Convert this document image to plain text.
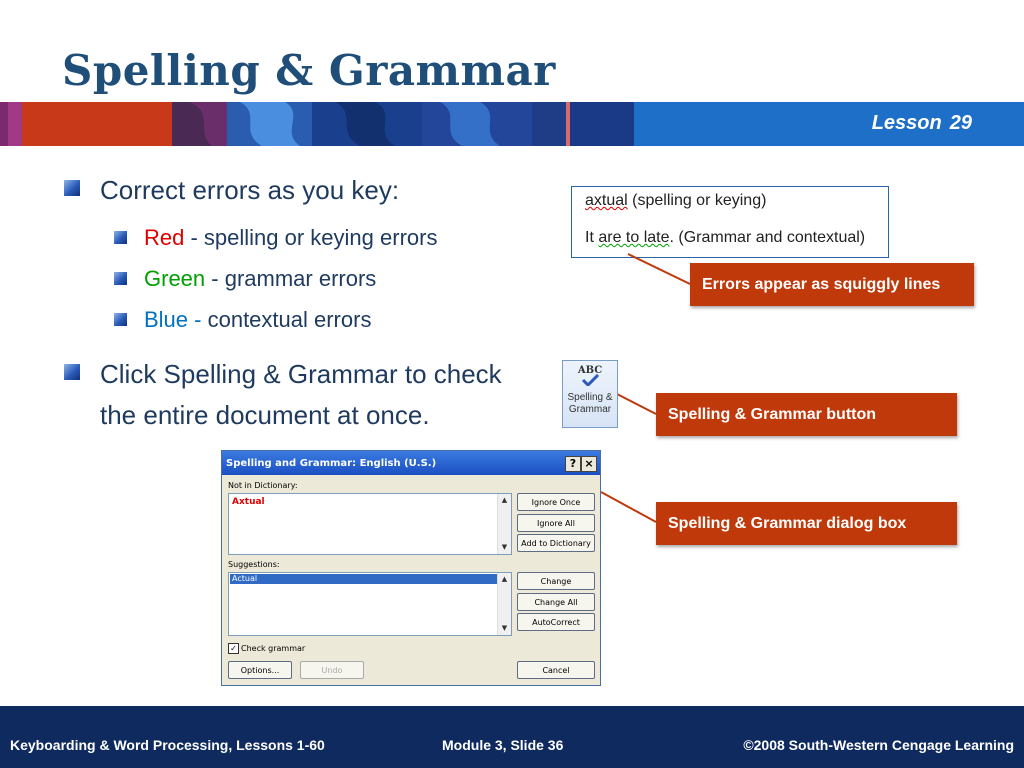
Spelling & Grammar
Lesson 29
Correct errors as you key:
Red - spelling or keying errors
Green - grammar errors
Blue - contextual errors
Click Spelling & Grammar to check the entire document at once.
axtual (spelling or keying)
It are to late. (Grammar and contextual)
Errors appear as squiggly lines
Spelling & Grammar button
Spelling & Grammar dialog box
ABC
Spelling &
Grammar
Spelling and Grammar: English (U.S.)	? ×
Not in Dictionary:
Axtual	▲
▼
Suggestions:
Actual	▲
▼
Ignore Once
Ignore All
Add to Dictionary
Change
Change All
AutoCorrect
✓ Check grammar
Options...	Undo	Cancel
Keyboarding & Word Processing, Lessons 1-60	Module 3, Slide 36	©2008 South-Western Cengage Learning
